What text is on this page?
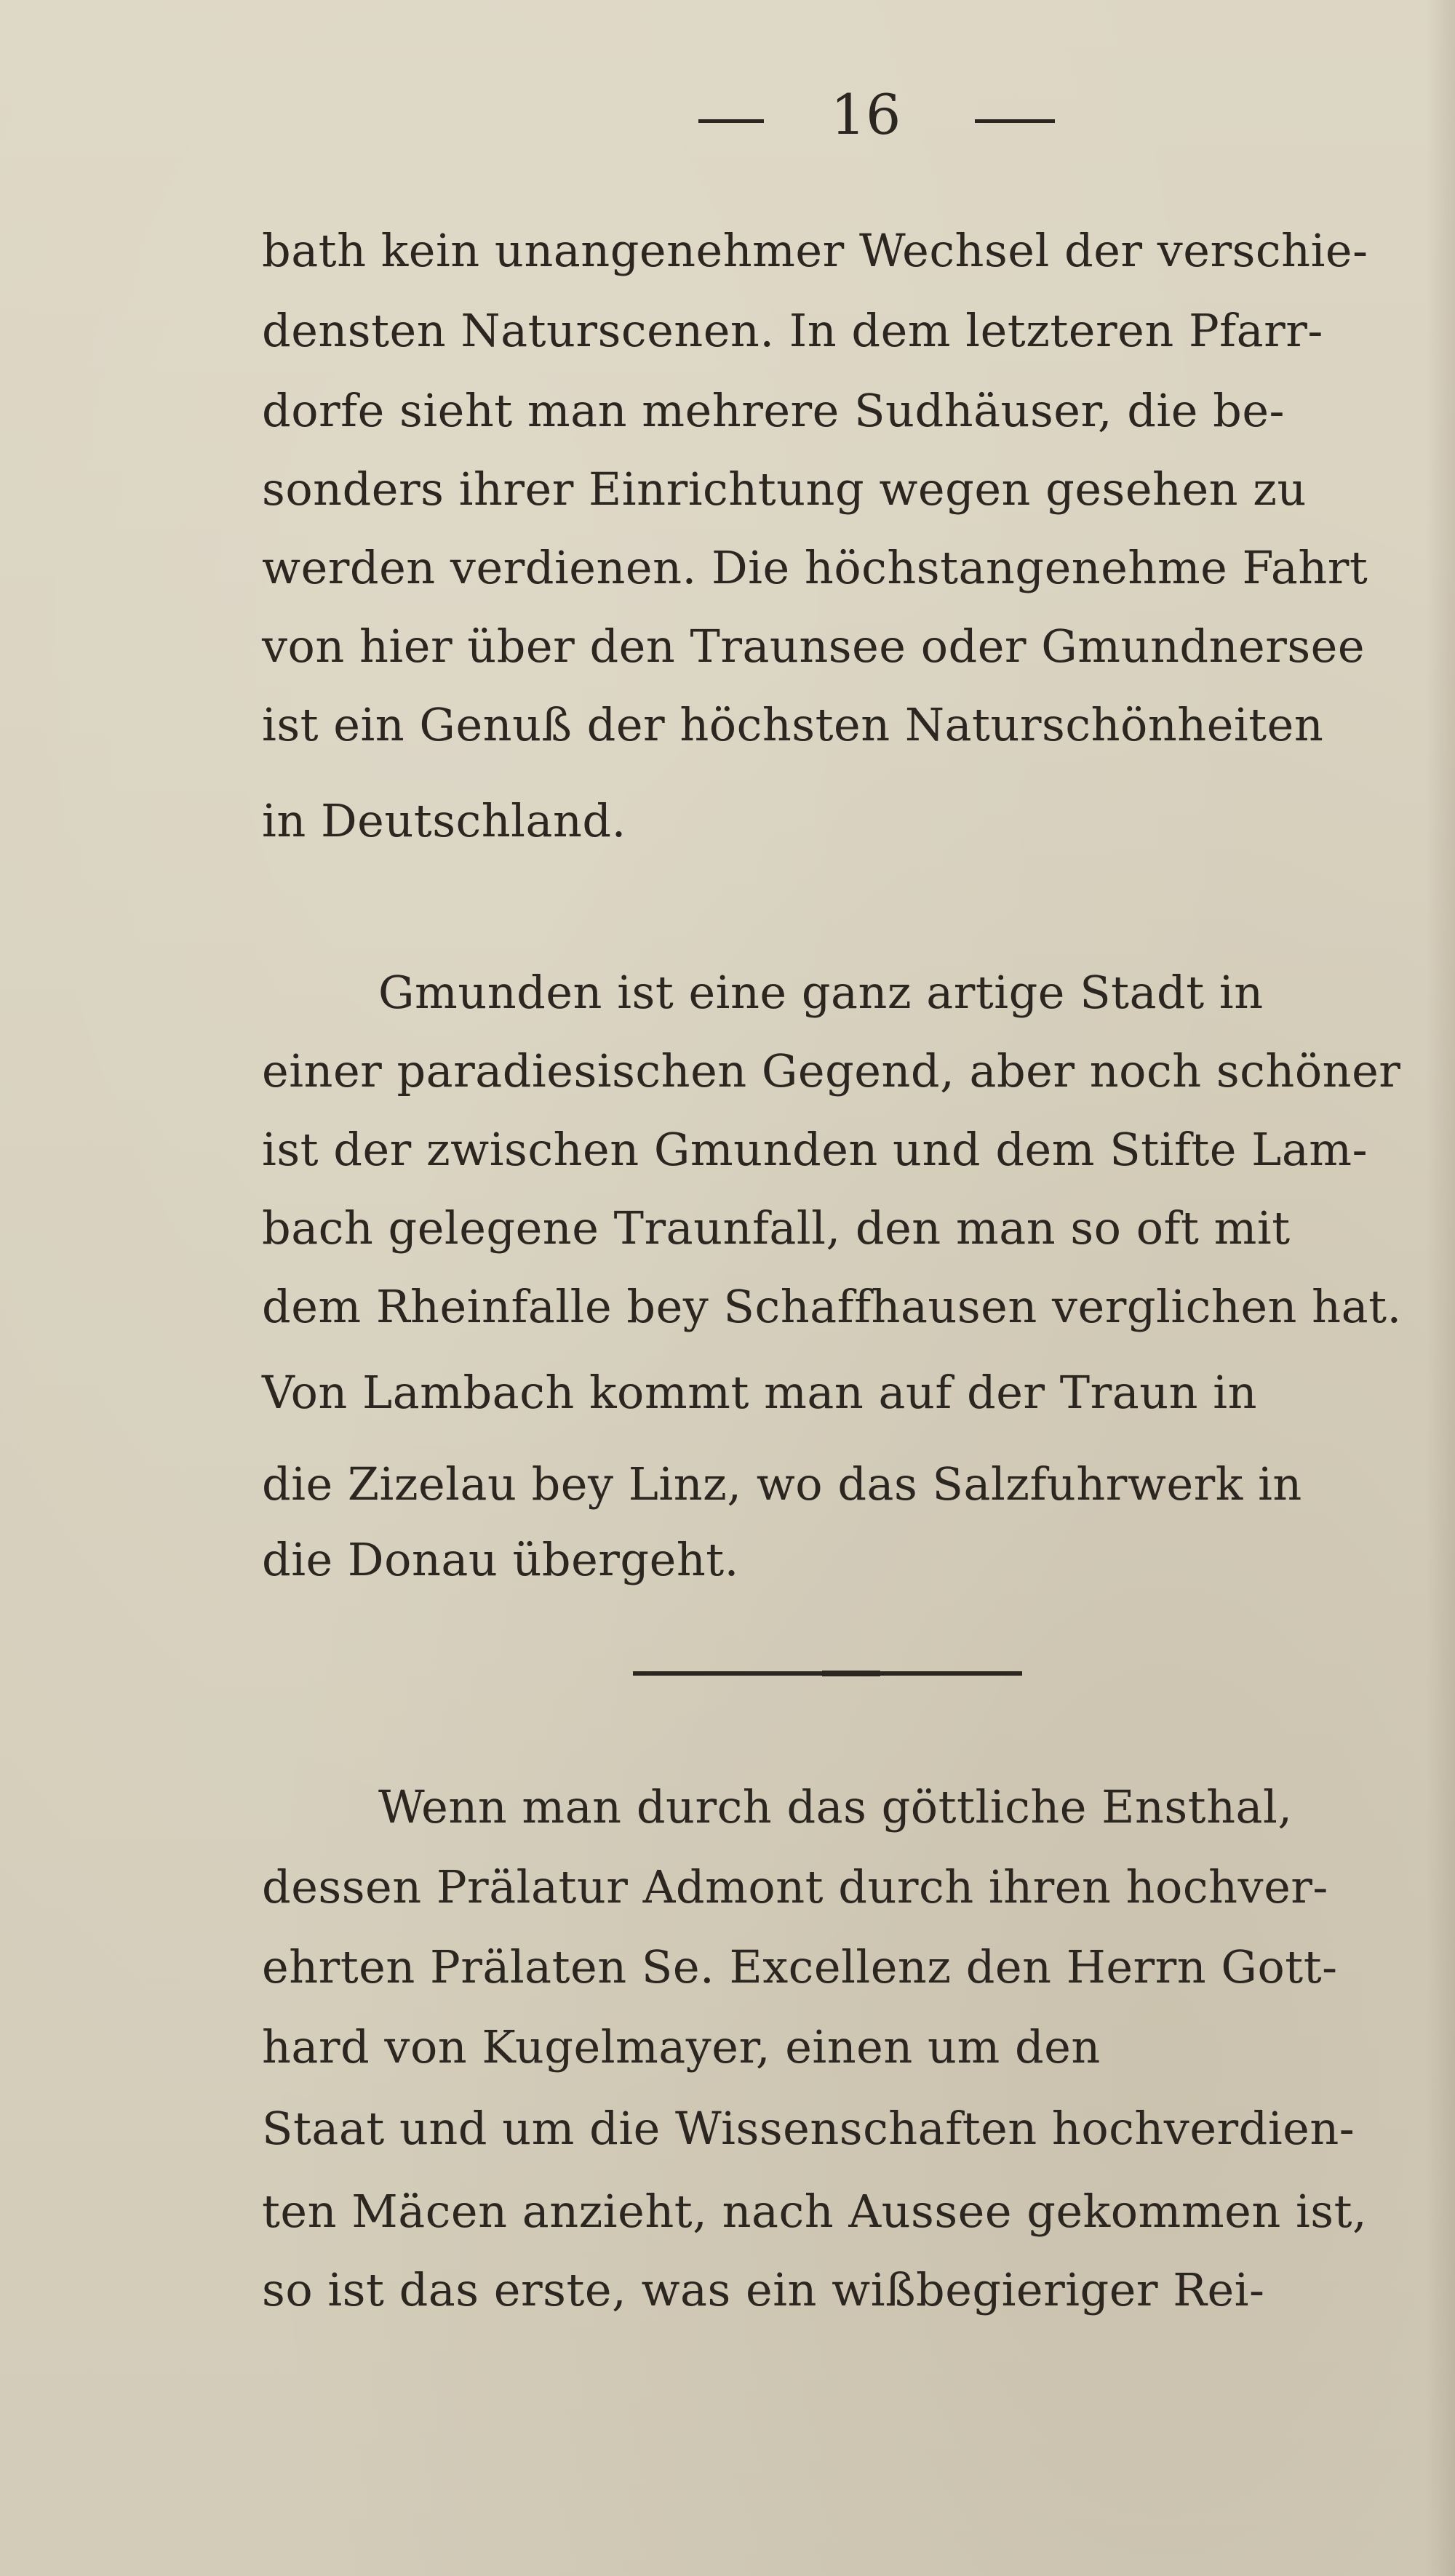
16
bath kein unangenehmer Wechsel der verschie-
densten Naturscenen. In dem letzteren Pfarr-
dorfe sieht man mehrere Sudhäuser, die be-
sonders ihrer Einrichtung wegen gesehen zu
werden verdienen. Die höchstangenehme Fahrt
von hier über den Traunsee oder Gmundnersee
ist ein Genuß der höchsten Naturschönheiten
in Deutschland.
Gmunden ist eine ganz artige Stadt in
einer paradiesischen Gegend, aber noch schöner
ist der zwischen Gmunden und dem Stifte Lam-
bach gelegene Traunfall, den man so oft mit
dem Rheinfalle bey Schaffhausen verglichen hat.
Von Lambach kommt man auf der Traun in
die Zizelau bey Linz, wo das Salzfuhrwerk in
die Donau übergeht.
Wenn man durch das göttliche Ensthal,
dessen Prälatur Admont durch ihren hochver-
ehrten Prälaten Se. Excellenz den Herrn Gott-
hard von Kugelmayer, einen um den
Staat und um die Wissenschaften hochverdien-
ten Mäcen anzieht, nach Aussee gekommen ist,
so ist das erste, was ein wißbegieriger Rei-
